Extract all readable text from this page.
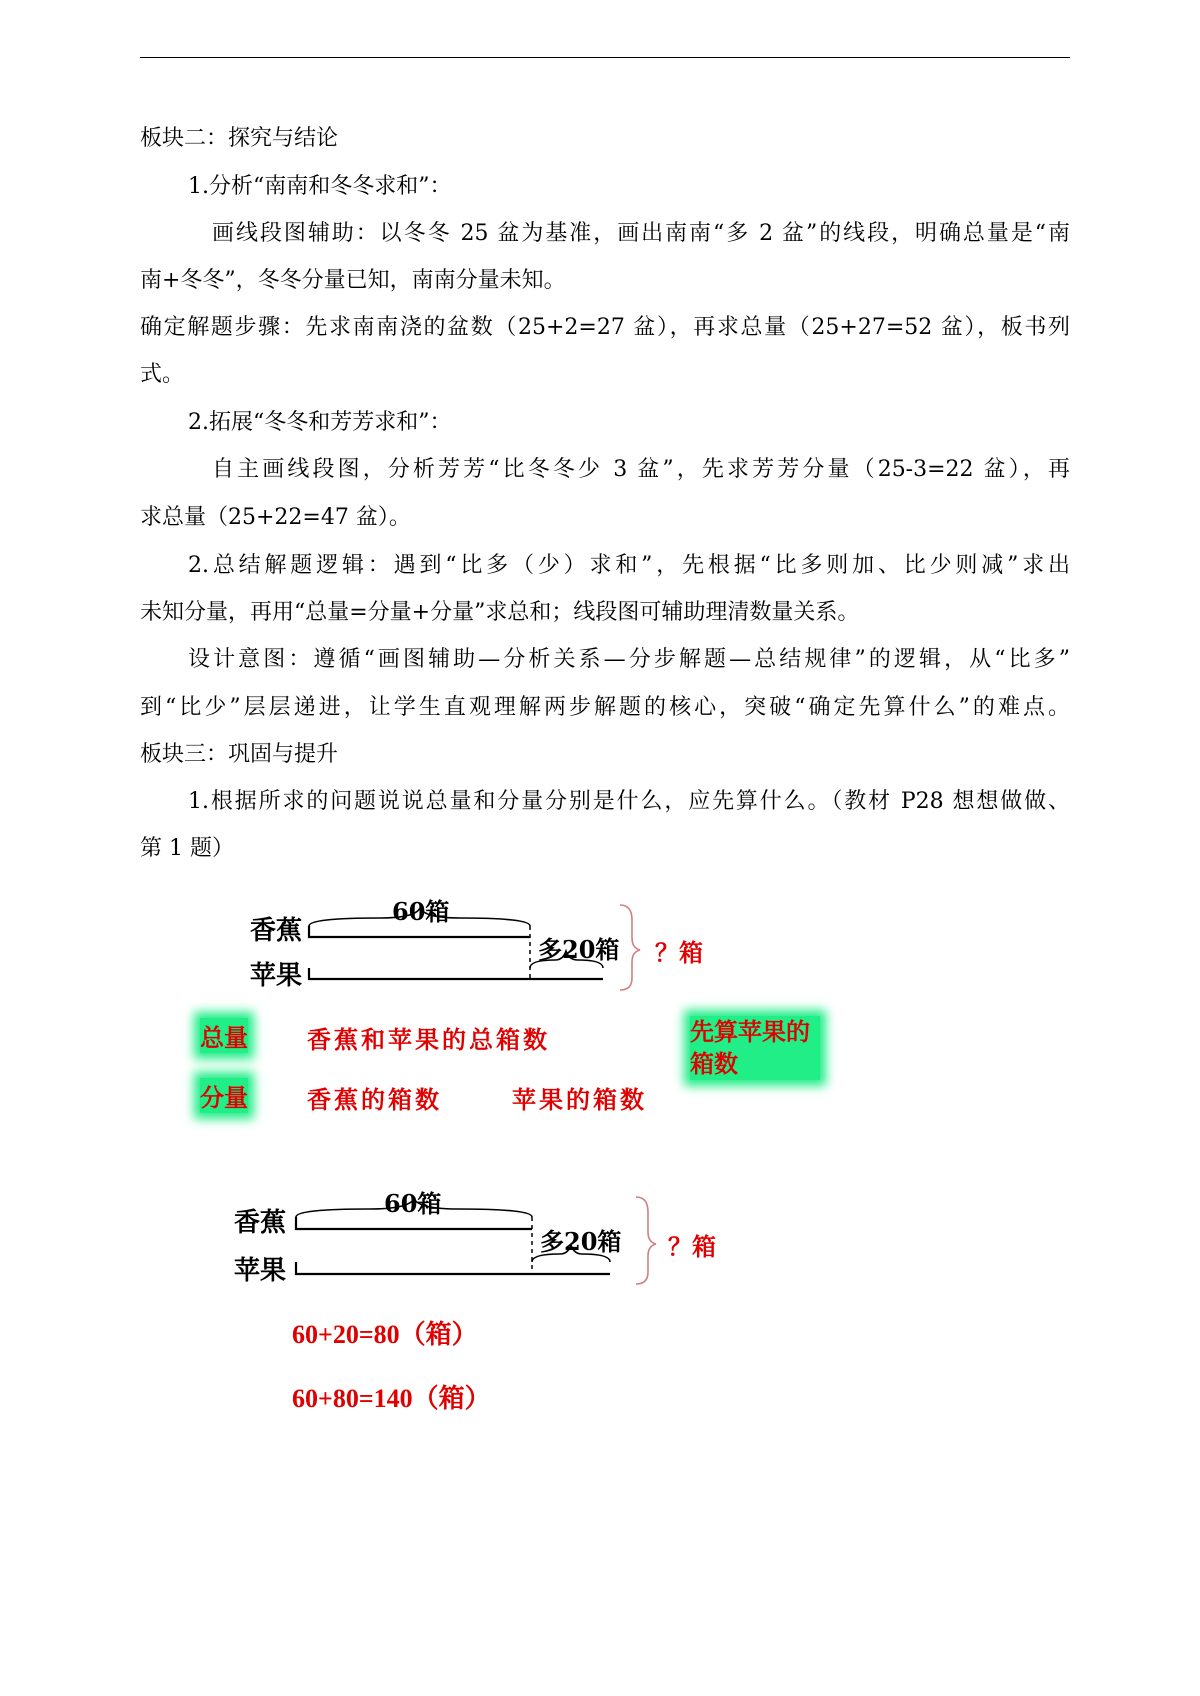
板块二：探究与结论
1.分析“南南和冬冬求和”：
画线段图辅助：以冬冬 25 盆为基准，画出南南“多 2 盆”的线段，明确总量是“南
南+冬冬”，冬冬分量已知，南南分量未知。
确定解题步骤：先求南南浇的盆数（25+2=27 盆），再求总量（25+27=52 盆），板书列
式。
2.拓展“冬冬和芳芳求和”：
自主画线段图，分析芳芳“比冬冬少 3 盆”，先求芳芳分量（25-3=22 盆），再
求总量（25+22=47 盆）。
2.总结解题逻辑：遇到“比多（少）求和”，先根据“比多则加、比少则减”求出
未知分量，再用“总量=分量+分量”求总和；线段图可辅助理清数量关系。
设计意图：遵循“画图辅助—分析关系—分步解题—总结规律”的逻辑，从“比多”
到“比少”层层递进，让学生直观理解两步解题的核心，突破“确定先算什么”的难点。
板块三：巩固与提升
1.根据所求的问题说说总量和分量分别是什么，应先算什么。（教材 P28 想想做做、
第 1 题）
香蕉
苹果
60箱
多20箱 ？箱
总量 香蕉和苹果的总箱数	先算苹果的箱数
分量 香蕉的箱数	苹果的箱数
香蕉
苹果
60箱
多20箱 ？箱
60+20=80（箱）
60+80=140（箱）
